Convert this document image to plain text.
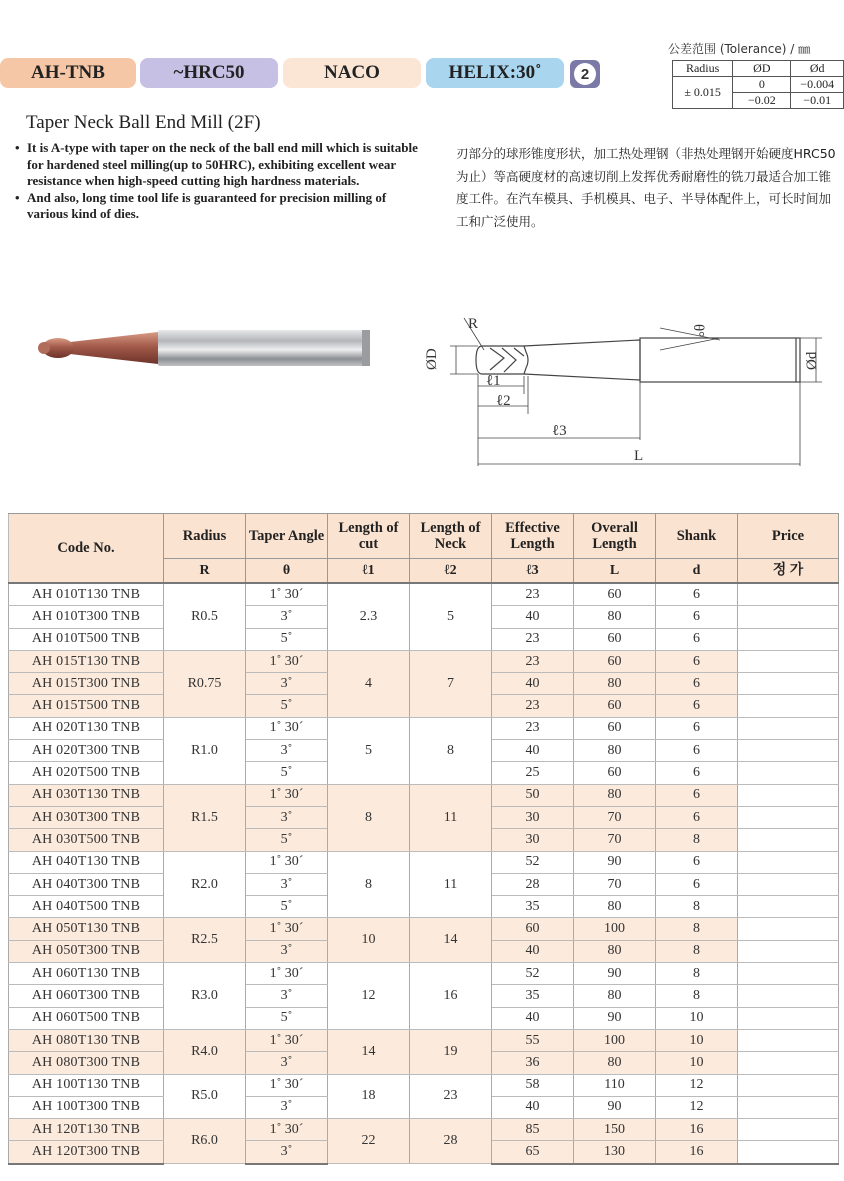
AH-TNB	~HRC50	NACO	HELIX:30˚	2
公差范围 (Tolerance) / ㎜
Radius	ØD	Ød
± 0.015	0	−0.004
	−0.02	−0.01
Taper Neck Ball End Mill (2F)
• It is A-type with taper on the neck of the ball end mill which is suitable for hardened steel milling(up to 50HRC), exhibiting excellent wear resistance when high-speed cutting high hardness materials.
• And also, long time tool life is guaranteed for precision milling of various kind of dies.
刃部分的球形锥度形状，加工热处理钢（非热处理钢开始硬度HRC50为止）等高硬度材的高速切削上发挥优秀耐磨性的铣刀最适合加工锥度工件。在汽车模具、手机模具、电子、半导体配件上，可长时间加工和广泛使用。
R	θ°
ØD	Ød
ℓ1
ℓ2
ℓ3
L
Code No.	Radius	Taper Angle	Length of cut	Length of Neck	Effective Length	Overall Length	Shank	Price
	R	θ	ℓ1	ℓ2	ℓ3	L	d	정 가
AH 010T130 TNB	R0.5	1˚ 30´	2.3	5	23	60	6	
AH 010T300 TNB		3˚			40	80	6	
AH 010T500 TNB		5˚			23	60	6	
AH 015T130 TNB	R0.75	1˚ 30´	4	7	23	60	6	
AH 015T300 TNB		3˚			40	80	6	
AH 015T500 TNB		5˚			23	60	6	
AH 020T130 TNB	R1.0	1˚ 30´	5	8	23	60	6	
AH 020T300 TNB		3˚			40	80	6	
AH 020T500 TNB		5˚			25	60	6	
AH 030T130 TNB	R1.5	1˚ 30´	8	11	50	80	6	
AH 030T300 TNB		3˚			30	70	6	
AH 030T500 TNB		5˚			30	70	8	
AH 040T130 TNB	R2.0	1˚ 30´	8	11	52	90	6	
AH 040T300 TNB		3˚			28	70	6	
AH 040T500 TNB		5˚			35	80	8	
AH 050T130 TNB	R2.5	1˚ 30´	10	14	60	100	8	
AH 050T300 TNB		3˚			40	80	8	
AH 060T130 TNB	R3.0	1˚ 30´	12	16	52	90	8	
AH 060T300 TNB		3˚			35	80	8	
AH 060T500 TNB		5˚			40	90	10	
AH 080T130 TNB	R4.0	1˚ 30´	14	19	55	100	10	
AH 080T300 TNB		3˚			36	80	10	
AH 100T130 TNB	R5.0	1˚ 30´	18	23	58	110	12	
AH 100T300 TNB		3˚			40	90	12	
AH 120T130 TNB	R6.0	1˚ 30´	22	28	85	150	16	
AH 120T300 TNB		3˚			65	130	16	
